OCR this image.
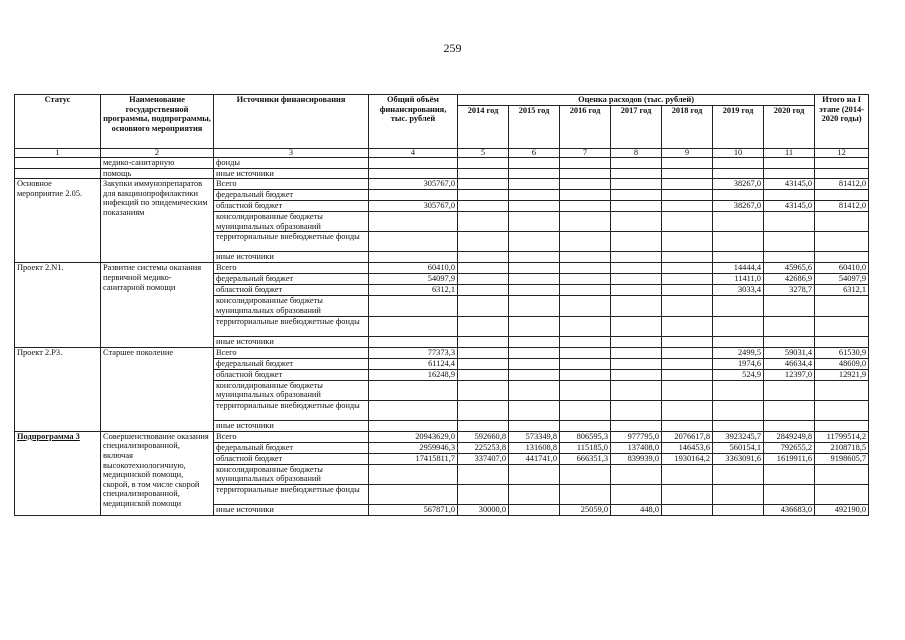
259
Статус	Наименование государственной программы, подпрограммы, основного мероприятия	Источники финансирования	Общий объём финансирования, тыс. рублей	Оценка расходов (тыс. рублей)							Итого на I этапе (2014-2020 годы)
				2014 год	2015 год	2016 год	2017 год	2018 год	2019 год	2020 год	
1	2	3	4	5	6	7	8	9	10	11	12
	медико-санитарную	фонды									
	помощь	иные источники									
Основное мероприятие 2.05.	Закупки иммунопрепаратов для вакцинопрофилактики инфекций по эпидемическим показаниям	Всего	305767,0						38267,0	43145,0	81412,0
		федеральный бюджет									
		областной бюджет	305767,0						38267,0	43145,0	81412,0
		консолидированные бюджеты муниципальных образований									
		территориальные внебюджетные фонды									
		иные источники									
Проект 2.N1.	Развитие системы оказания первичной медико-санитарной помощи	Всего	60410,0						14444,4	45965,6	60410,0
		федеральный бюджет	54097,9						11411,0	42686,9	54097,9
		областной бюджет	6312,1						3033,4	3278,7	6312,1
		консолидированные бюджеты муниципальных образований									
		территориальные внебюджетные фонды									
		иные источники									
Проект 2.P3.	Старшее поколение	Всего	77373,3						2499,5	59031,4	61530,9
		федеральный бюджет	61124,4						1974,6	46634,4	48609,0
		областной бюджет	16248,9						524,9	12397,0	12921,9
		консолидированные бюджеты муниципальных образований									
		территориальные внебюджетные фонды									
		иные источники									
Подпрограмма 3	Совершенствование оказания специализированной, включая высокотехнологичную, медицинской помощи, скорой, в том числе скорой специализированной, медицинской помощи	Всего	20943629,0	592660,8	573349,8	806595,3	977795,0	2076617,8	3923245,7	2849249,8	11799514,2
		федеральный бюджет	2959946,3	225253,8	131608,8	115185,0	137408,0	146453,6	560154,1	792655,2	2108718,5
		областной бюджет	17415811,7	337407,0	441741,0	666351,3	839939,0	1930164,2	3363091,6	1619911,6	9198605,7
		консолидированные бюджеты муниципальных образований									
		территориальные внебюджетные фонды									
		иные источники	567871,0	30000,0		25059,0	448,0			436683,0	492190,0
